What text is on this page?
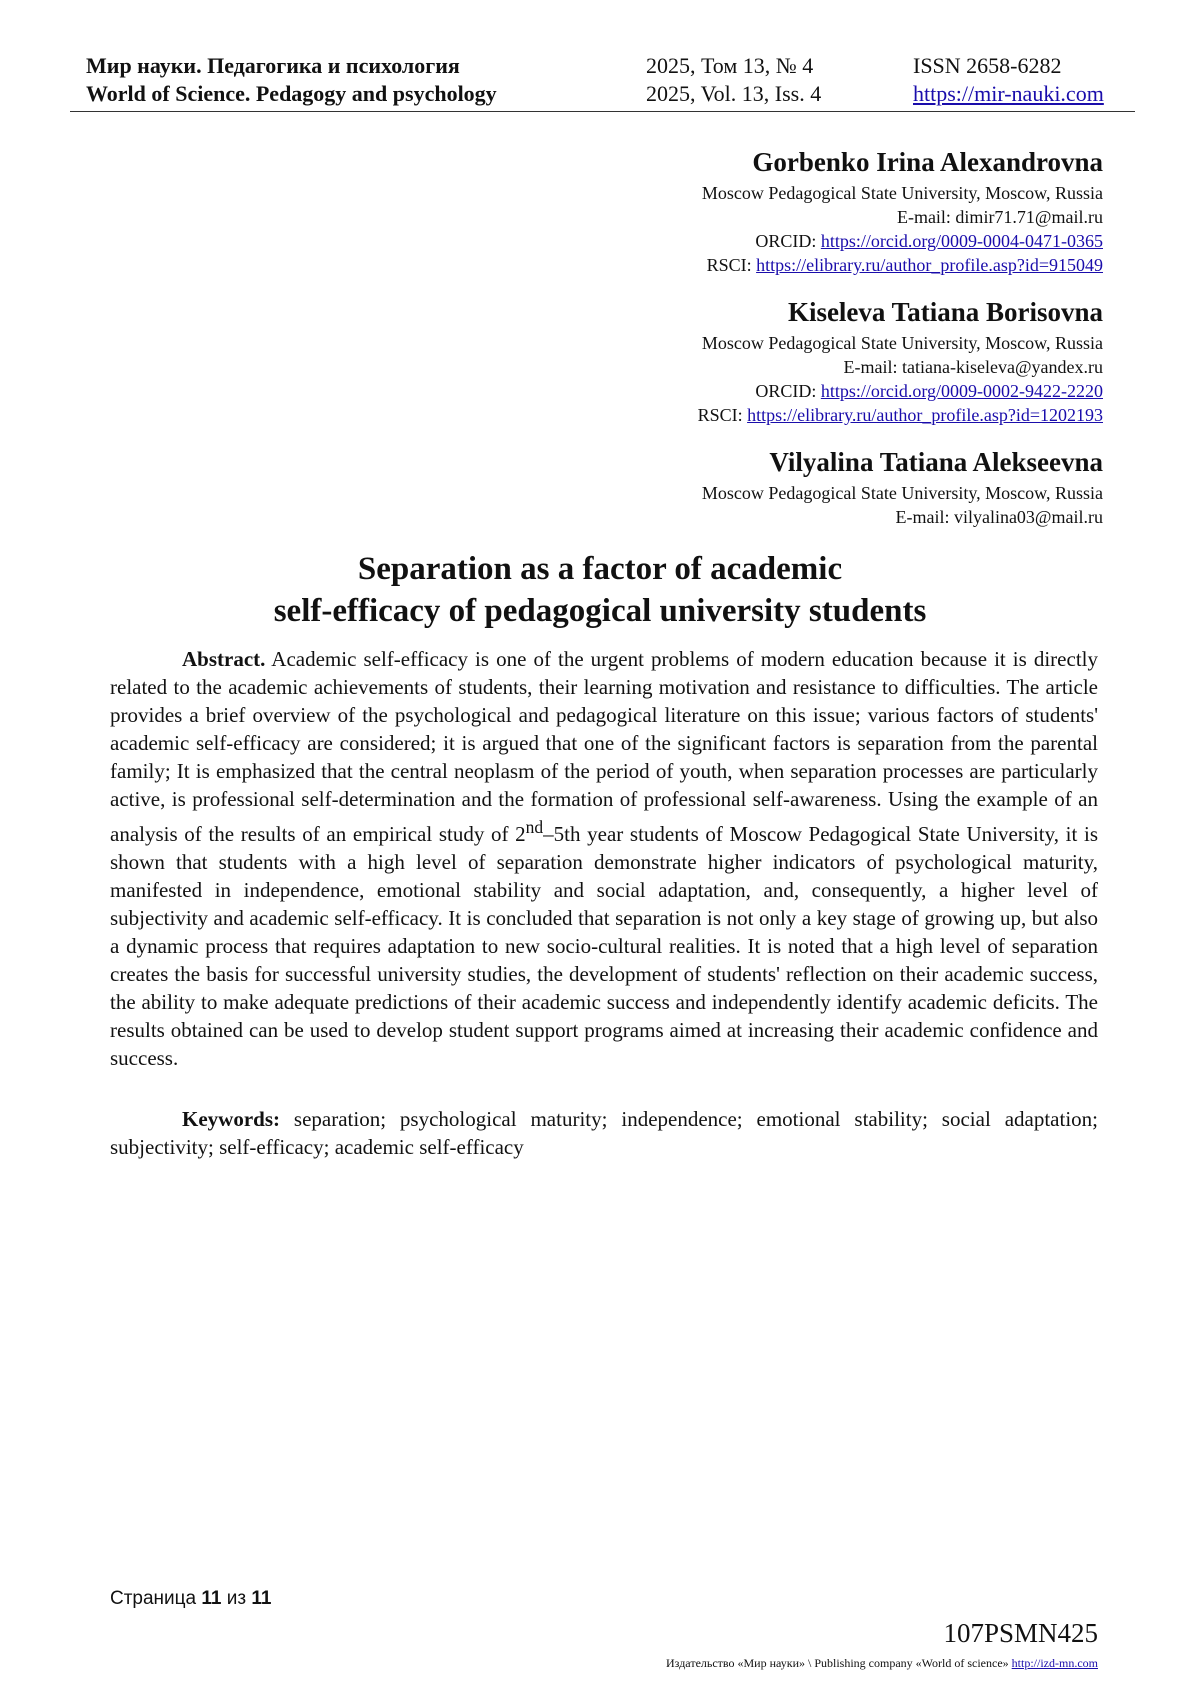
Мир науки. Педагогика и психология	2025, Том 13, № 4	ISSN 2658-6282
World of Science. Pedagogy and psychology	2025, Vol. 13, Iss. 4	https://mir-nauki.com
Gorbenko Irina Alexandrovna
Moscow Pedagogical State University, Moscow, Russia
E-mail: dimir71.71@mail.ru
ORCID: https://orcid.org/0009-0004-0471-0365
RSCI: https://elibrary.ru/author_profile.asp?id=915049
Kiseleva Tatiana Borisovna
Moscow Pedagogical State University, Moscow, Russia
E-mail: tatiana-kiseleva@yandex.ru
ORCID: https://orcid.org/0009-0002-9422-2220
RSCI: https://elibrary.ru/author_profile.asp?id=1202193
Vilyalina Tatiana Alekseevna
Moscow Pedagogical State University, Moscow, Russia
E-mail: vilyalina03@mail.ru
Separation as a factor of academic
self-efficacy of pedagogical university students
Abstract. Academic self-efficacy is one of the urgent problems of modern education because it is directly related to the academic achievements of students, their learning motivation and resistance to difficulties. The article provides a brief overview of the psychological and pedagogical literature on this issue; various factors of students' academic self-efficacy are considered; it is argued that one of the significant factors is separation from the parental family; It is emphasized that the central neoplasm of the period of youth, when separation processes are particularly active, is professional self-determination and the formation of professional self-awareness. Using the example of an analysis of the results of an empirical study of 2nd–5th year students of Moscow Pedagogical State University, it is shown that students with a high level of separation demonstrate higher indicators of psychological maturity, manifested in independence, emotional stability and social adaptation, and, consequently, a higher level of subjectivity and academic self-efficacy. It is concluded that separation is not only a key stage of growing up, but also a dynamic process that requires adaptation to new socio-cultural realities. It is noted that a high level of separation creates the basis for successful university studies, the development of students' reflection on their academic success, the ability to make adequate predictions of their academic success and independently identify academic deficits. The results obtained can be used to develop student support programs aimed at increasing their academic confidence and success.
Keywords: separation; psychological maturity; independence; emotional stability; social adaptation; subjectivity; self-efficacy; academic self-efficacy
Страница 11 из 11
107PSMN425
Издательство «Мир науки» \ Publishing company «World of science» http://izd-mn.com
